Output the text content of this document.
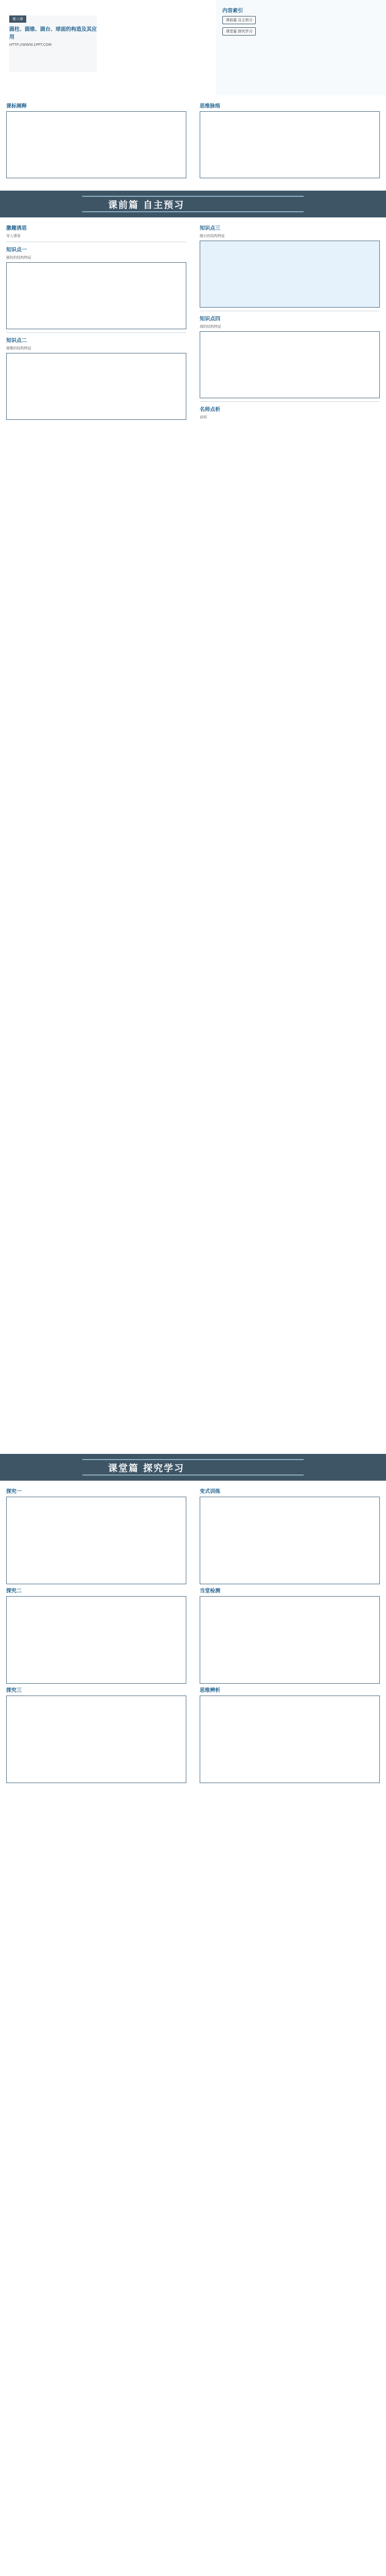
第八章
圆柱、圆锥、圆台、球面的构造及其应用
HTTP://WWW.1PPT.COM
内容索引
课前篇 自主预习
课堂篇 探究学习
课标阐释	思维脉络
课前篇 自主预习
激趣诱思
导入情景
知识点一
圆柱的结构特征
知识点二
圆锥的结构特征
知识点三
圆台的结构特征
知识点四
球的结构特征
名师点析
说明
课堂篇 探究学习
探究一
探究二
探究三
变式训练
当堂检测
思维辨析
